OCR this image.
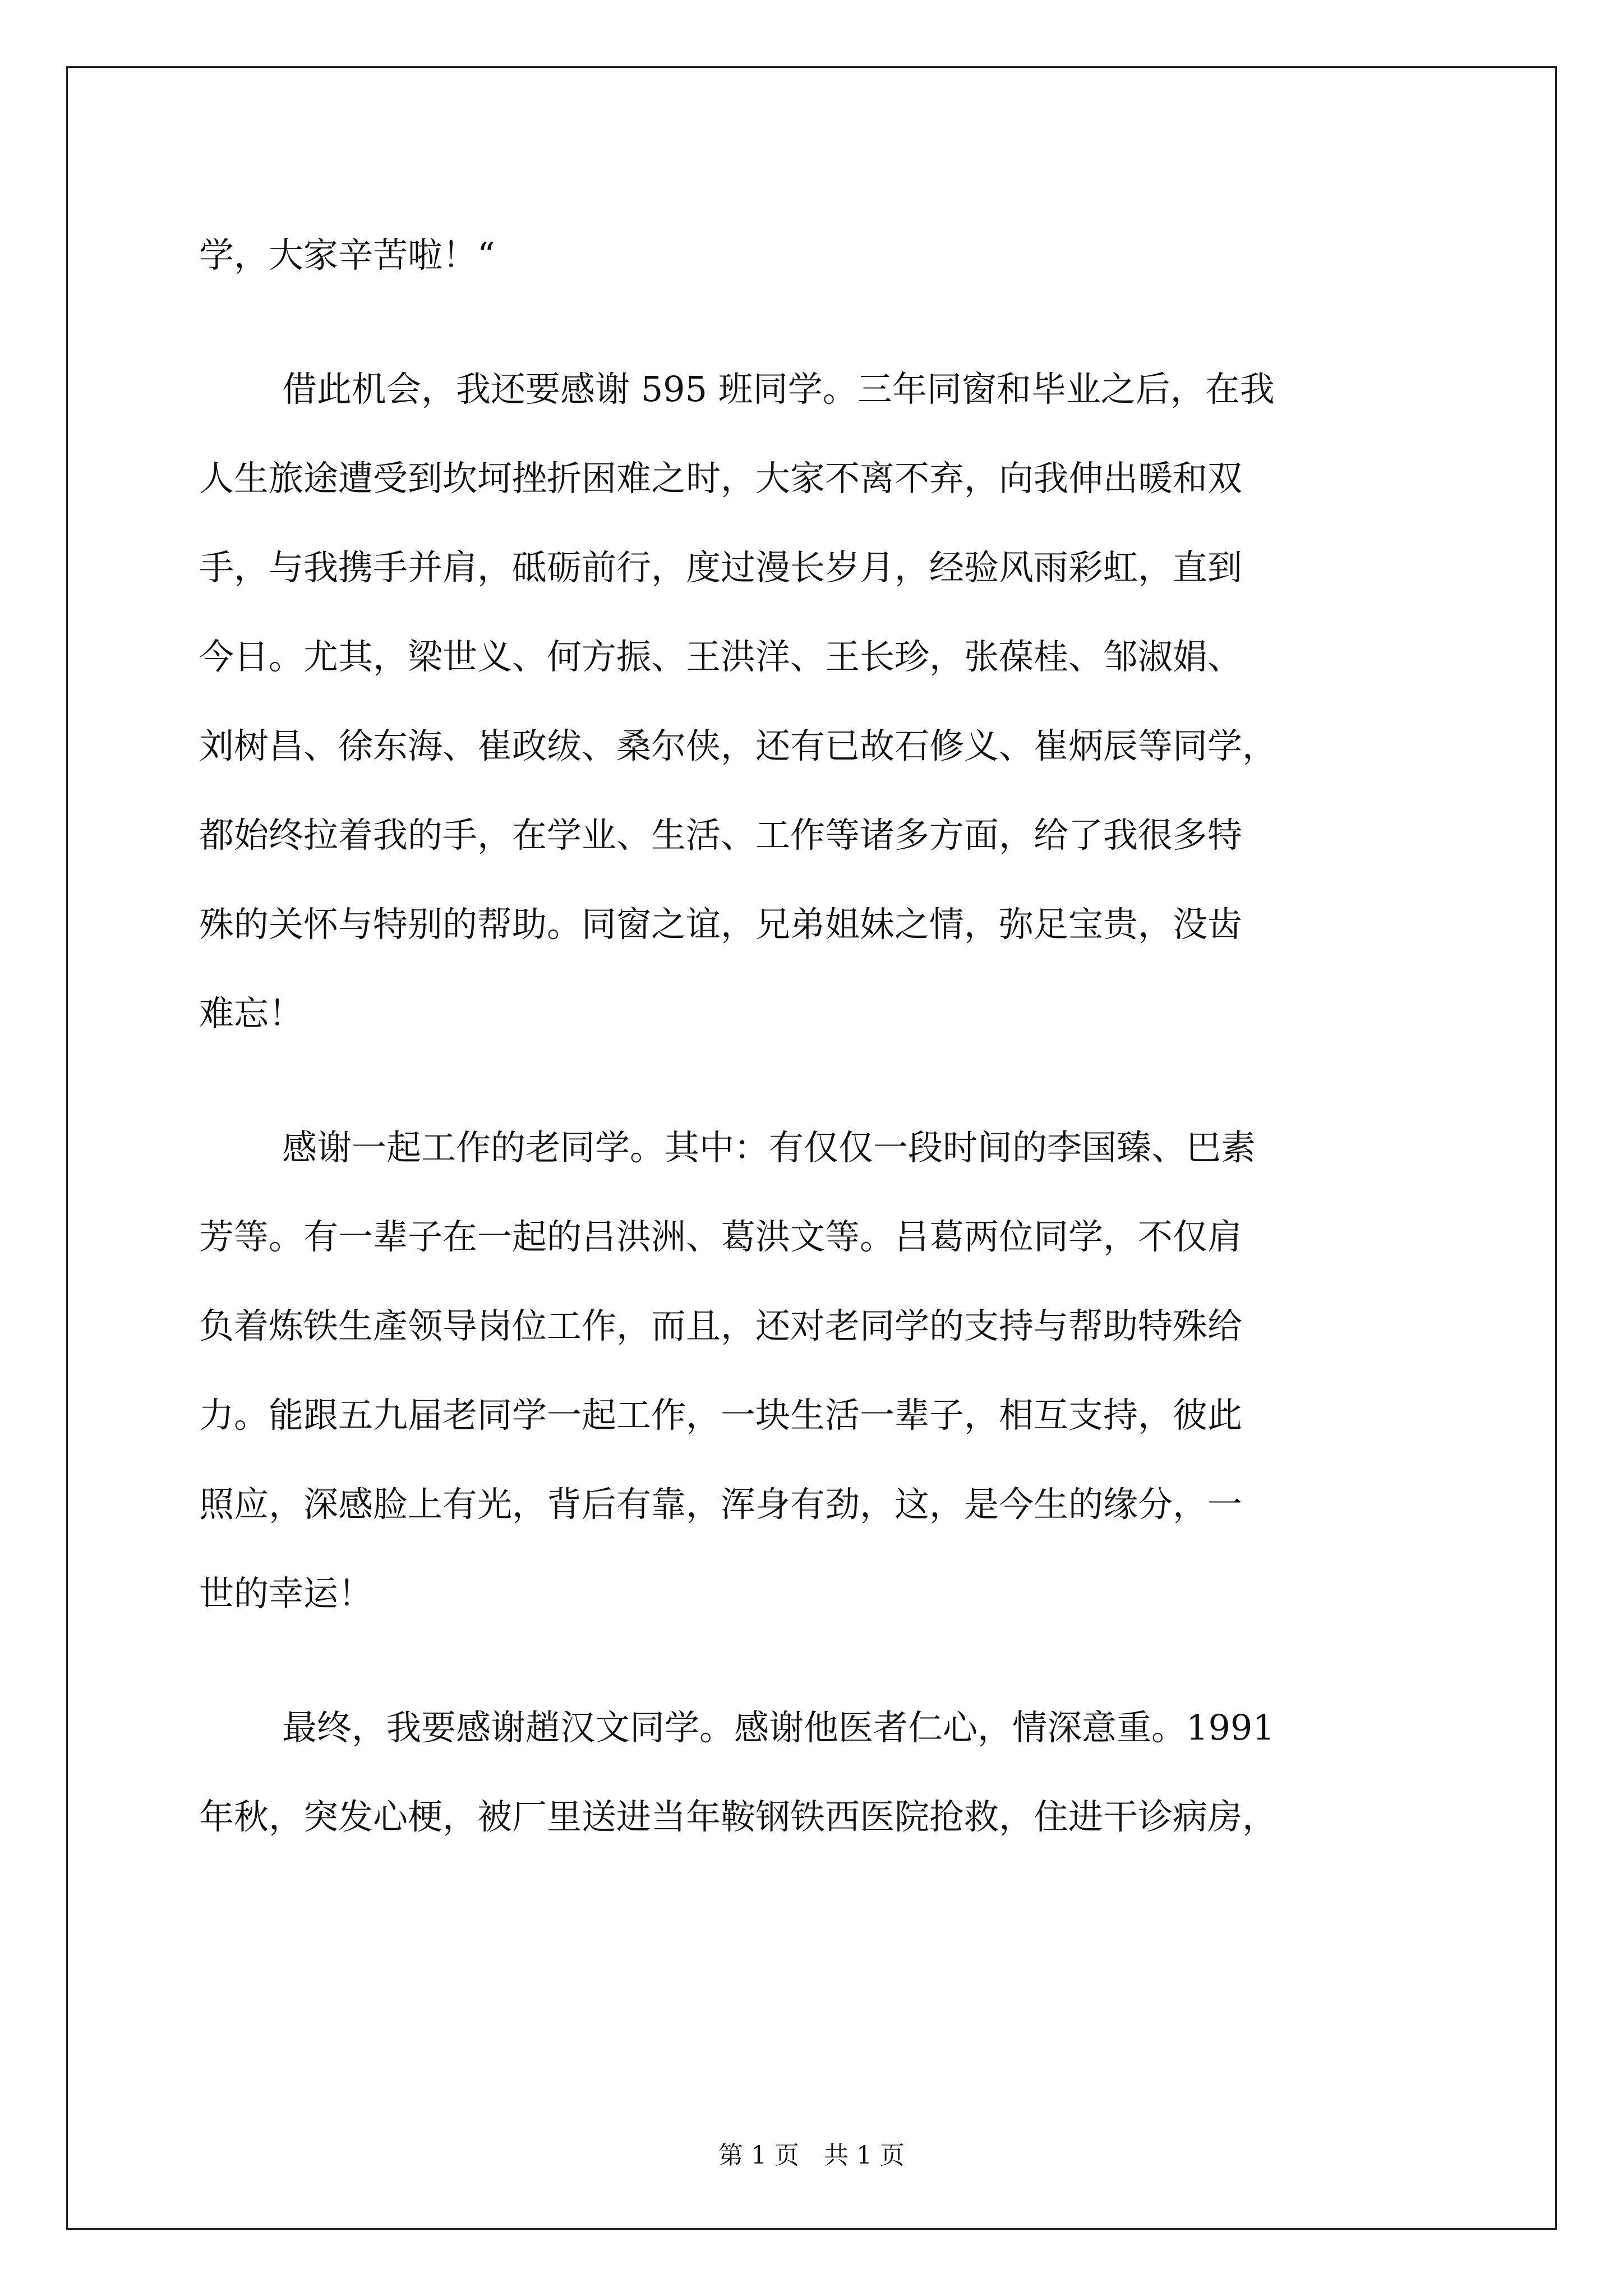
学，大家辛苦啦！“
借此机会，我还要感谢 595 班同学。三年同窗和毕业之后，在我
人生旅途遭受到坎坷挫折困难之时，大家不离不弃，向我伸出暖和双
手，与我携手并肩，砥砺前行，度过漫长岁月，经验风雨彩虹，直到
今日。尤其，梁世义、何方振、王洪洋、王长珍，张葆桂、邹淑娟、
刘树昌、徐东海、崔政绂、桑尔侠，还有已故石修义、崔炳辰等同学，
都始终拉着我的手，在学业、生活、工作等诸多方面，给了我很多特
殊的关怀与特别的帮助。同窗之谊，兄弟姐妹之情，弥足宝贵，没齿
难忘！
感谢一起工作的老同学。其中：有仅仅一段时间的李国臻、巴素
芳等。有一辈子在一起的吕洪洲、葛洪文等。吕葛两位同学，不仅肩
负着炼铁生產领导岗位工作，而且，还对老同学的支持与帮助特殊给
力。能跟五九届老同学一起工作，一块生活一辈子，相互支持，彼此
照应，深感脸上有光，背后有靠，浑身有劲，这，是今生的缘分，一
世的幸运！
最终，我要感谢趙汉文同学。感谢他医者仁心，情深意重。1991
年秋，突发心梗，被厂里送进当年鞍钢铁西医院抢救，住进干诊病房，
第 1 页　共 1 页
